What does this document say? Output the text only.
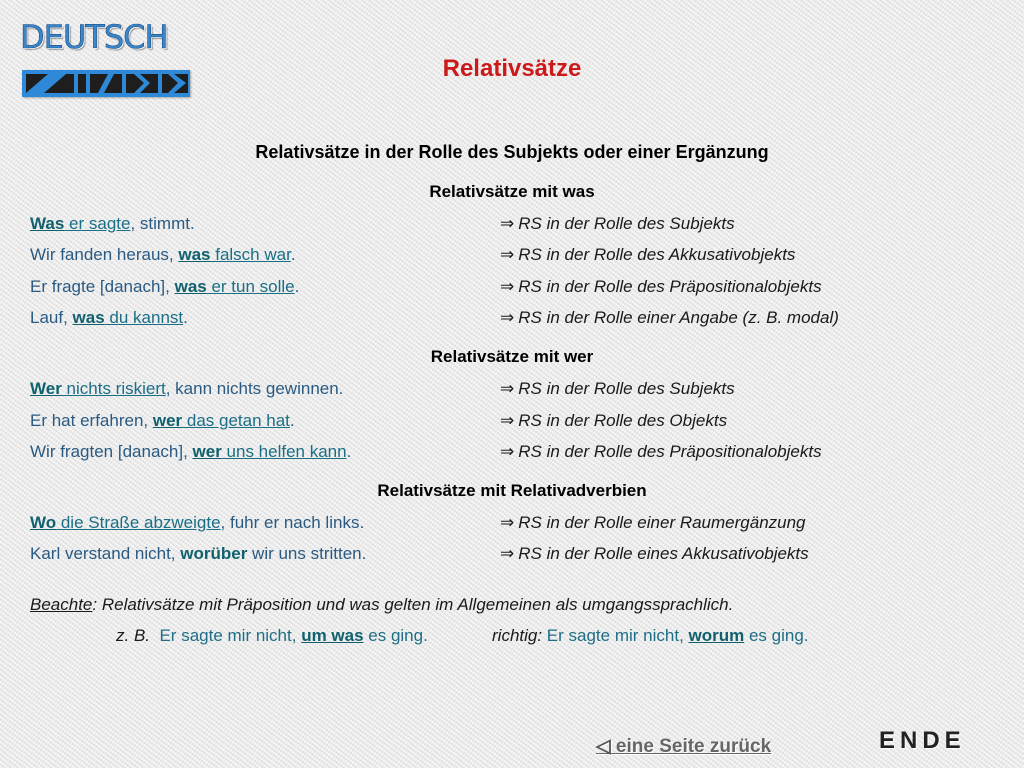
DEUTSCH
Relativsätze
Relativsätze in der Rolle des Subjekts oder einer Ergänzung
Relativsätze mit was
Was er sagte, stimmt.	⇒ RS in der Rolle des Subjekts
Wir fanden heraus, was falsch war.	⇒ RS in der Rolle des Akkusativobjekts
Er fragte [danach], was er tun solle.	⇒ RS in der Rolle des Präpositionalobjekts
Lauf, was du kannst.	⇒ RS in der Rolle einer Angabe (z. B. modal)
Relativsätze mit wer
Wer nichts riskiert, kann nichts gewinnen.	⇒ RS in der Rolle des Subjekts
Er hat erfahren, wer das getan hat.	⇒ RS in der Rolle des Objekts
Wir fragten [danach], wer uns helfen kann.	⇒ RS in der Rolle des Präpositionalobjekts
Relativsätze mit Relativadverbien
Wo die Straße abzweigte, fuhr er nach links.	⇒ RS in der Rolle einer Raumergänzung
Karl verstand nicht, worüber wir uns stritten.	⇒ RS in der Rolle eines Akkusativobjekts
Beachte: Relativsätze mit Präposition und was gelten im Allgemeinen als umgangssprachlich.
z. B. Er sagte mir nicht, um was es ging.	richtig: Er sagte mir nicht, worum es ging.
◁ eine Seite zurück	ENDE
